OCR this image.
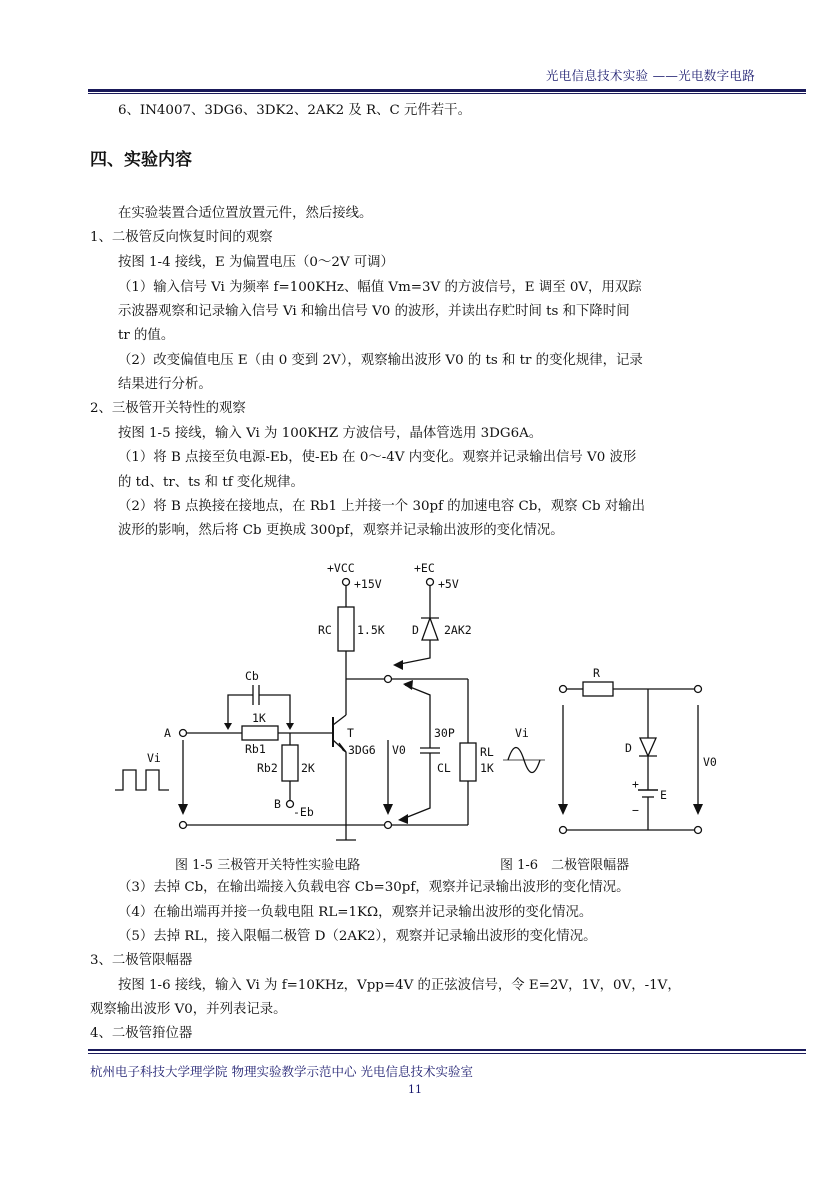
光电信息技术实验 ——光电数字电路
6、IN4007、3DG6、3DK2、2AK2 及 R、C 元件若干。
四、实验内容
在实验装置合适位置放置元件，然后接线。
1、二极管反向恢复时间的观察
按图 1-4 接线，E 为偏置电压（0～2V 可调）
（1）输入信号 Vi 为频率 f=100KHz、幅值 Vm=3V 的方波信号，E 调至 0V，用双踪
示波器观察和记录输入信号 Vi 和输出信号 V0 的波形，并读出存贮时间 ts 和下降时间
tr 的值。
（2）改变偏值电压 E（由 0 变到 2V），观察输出波形 V0 的 ts 和 tr 的变化规律，记录
结果进行分析。
2、三极管开关特性的观察
按图 1-5 接线，输入 Vi 为 100KHZ 方波信号，晶体管选用 3DG6A。
（1）将 B 点接至负电源-Eb，使-Eb 在 0～-4V 内变化。观察并记录输出信号 V0 波形
的 td、tr、ts 和 tf 变化规律。
（2）将 B 点换接在接地点，在 Rb1 上并接一个 30pf 的加速电容 Cb，观察 Cb 对输出
波形的影响，然后将 Cb 更换成 300pf，观察并记录输出波形的变化情况。
+VCC
+15V
+EC
+5V
RC 1.5K D 2AK2
Cb
1K
A
Vi
Rb1
Rb2 2K
B
-Eb
T
3DG6 V0
30P
CL
RL
1K
Vi
R
D
V0
+
E
−
图 1-5 三极管开关特性实验电路	图 1-6　二极管限幅器
（3）去掉 Cb，在输出端接入负载电容 Cb=30pf，观察并记录输出波形的变化情况。
（4）在输出端再并接一负载电阻 RL=1KΩ，观察并记录输出波形的变化情况。
（5）去掉 RL，接入限幅二极管 D（2AK2），观察并记录输出波形的变化情况。
3、二极管限幅器
按图 1-6 接线，输入 Vi 为 f=10KHz，Vpp=4V 的正弦波信号，令 E=2V，1V，0V，-1V，
观察输出波形 V0，并列表记录。
4、二极管箝位器
杭州电子科技大学理学院 物理实验教学示范中心 光电信息技术实验室
11
